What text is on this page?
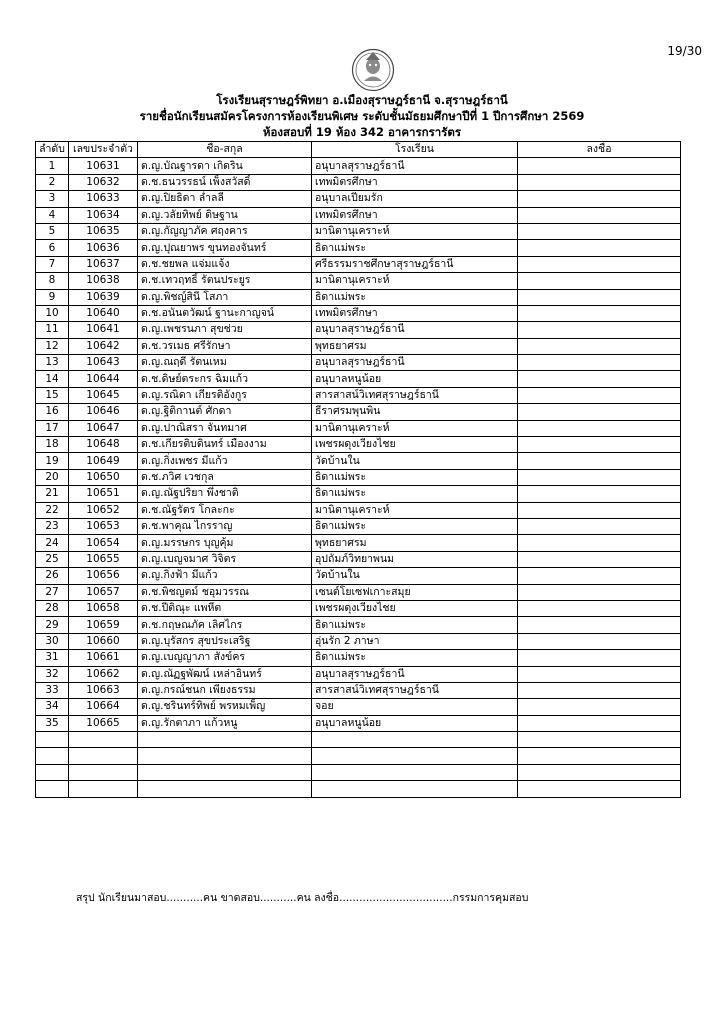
19/30
โรงเรียนสุราษฎร์พิทยา อ.เมืองสุราษฎร์ธานี จ.สุราษฎร์ธานี
รายชื่อนักเรียนสมัครโครงการห้องเรียนพิเศษ ระดับชั้นมัธยมศึกษาปีที่ 1 ปีการศึกษา 2569
ห้องสอบที่ 19 ห้อง 342 อาคารกรารัตร
ลำดับ	เลขประจำตัว	ชื่อ-สกุล	โรงเรียน	ลงชื่อ
1	10631	ด.ญ.บัณฐารดา เกิดริน	อนุบาลสุราษฎร์ธานี	
2	10632	ด.ช.ธนวรรธน์ เพ็งสวัสดิ์	เทพมิตรศึกษา	
3	10633	ด.ญ.ปิยธิดา ล่ำลลี	อนุบาลเปียมรัก	
4	10634	ด.ญ.วลัยทิพย์ ดิษฐาน	เทพมิตรศึกษา	
5	10635	ด.ญ.กัญญาภัค ศฤงคาร	มานิตานุเคราะห์	
6	10636	ด.ญ.ปุณยาพร ขุนทองจันทร์	ธิดาแม่พระ	
7	10637	ด.ช.ชยพล แจ่มแจ้ง	ศรีธรรมราชศึกษาสุราษฎร์ธานี	
8	10638	ด.ช.เทวฤทธิ์ รัตนประยูร	มานิตานุเคราะห์	
9	10639	ด.ญ.พิชญ์สินี โสภา	ธิดาแม่พระ	
10	10640	ด.ช.อนันตวัฒน์ ฐานะกาญจน์	เทพมิตรศึกษา	
11	10641	ด.ญ.เพชรนภา สุขช่วย	อนุบาลสุราษฎร์ธานี	
12	10642	ด.ช.วรเมธ ศรีรักษา	พุทธยาศรม	
13	10643	ด.ญ.ณฤดี รัตนเหม	อนุบาลสุราษฎร์ธานี	
14	10644	ด.ช.ดิษย์ตระกร ฉิมแก้ว	อนุบาลหนูน้อย	
15	10645	ด.ญ.รณิดา เกียรติอังกูร	สารสาสน์วิเทศสุราษฎร์ธานี	
16	10646	ด.ญ.ฐิติกานต์ ศักดา	ธีราศรมพุนพิน	
17	10647	ด.ญ.ปาณิสรา จันทมาศ	มานิตานุเคราะห์	
18	10648	ด.ช.เกียรติบดินทร์ เมืองงาม	เพชรผดุงเวียงไชย	
19	10649	ด.ญ.กิ่งเพชร มีแก้ว	วัดบ้านใน	
20	10650	ด.ช.ภวิศ เวชกุล	ธิดาแม่พระ	
21	10651	ด.ญ.ณัฐปริยา พึ่งชาติ	ธิดาแม่พระ	
22	10652	ด.ช.ณัฐรัตร โกละกะ	มานิตานุเคราะห์	
23	10653	ด.ช.พาคุณ ไกรราญ	ธิดาแม่พระ	
24	10654	ด.ญ.มรรษกร บุญคุ้ม	พุทธยาศรม	
25	10655	ด.ญ.เบญจมาศ วิจิตร	อุปถัมภ์วิทยาพนม	
26	10656	ด.ญ.กิ่งฟ้า มีแก้ว	วัดบ้านใน	
27	10657	ด.ช.พิชญตม์ ชอุมวรรณ	เซนต์โยเซฟเกาะสมุย	
28	10658	ด.ช.ปีติณุะ แพหีต	เพชรผดุงเวียงไชย	
29	10659	ด.ช.กฤษณภัค เลิศไกร	ธิดาแม่พระ	
30	10660	ด.ญ.บุรัสกร สุขประเสริฐ	อุ่นรัก 2 ภาษา	
31	10661	ด.ญ.เบญญาภา สังข์คร	ธิดาแม่พระ	
32	10662	ด.ญ.ณัฏฐพัฒน์ เหล่าอินทร์	อนุบาลสุราษฎร์ธานี	
33	10663	ด.ญ.กรณ์ชนก เพียงธรรม	สารสาสน์วิเทศสุราษฎร์ธานี	
34	10664	ด.ญ.ชรินทร์ทิพย์ พรหมเพ็ญ	จอย	
35	10665	ด.ญ.รักตาภา แก้วหนู	อนุบาลหนูน้อย	

สรุป นักเรียนมาสอบ...........คน ขาดสอบ...........คน ลงชื่อ..................................กรรมการคุมสอบ
